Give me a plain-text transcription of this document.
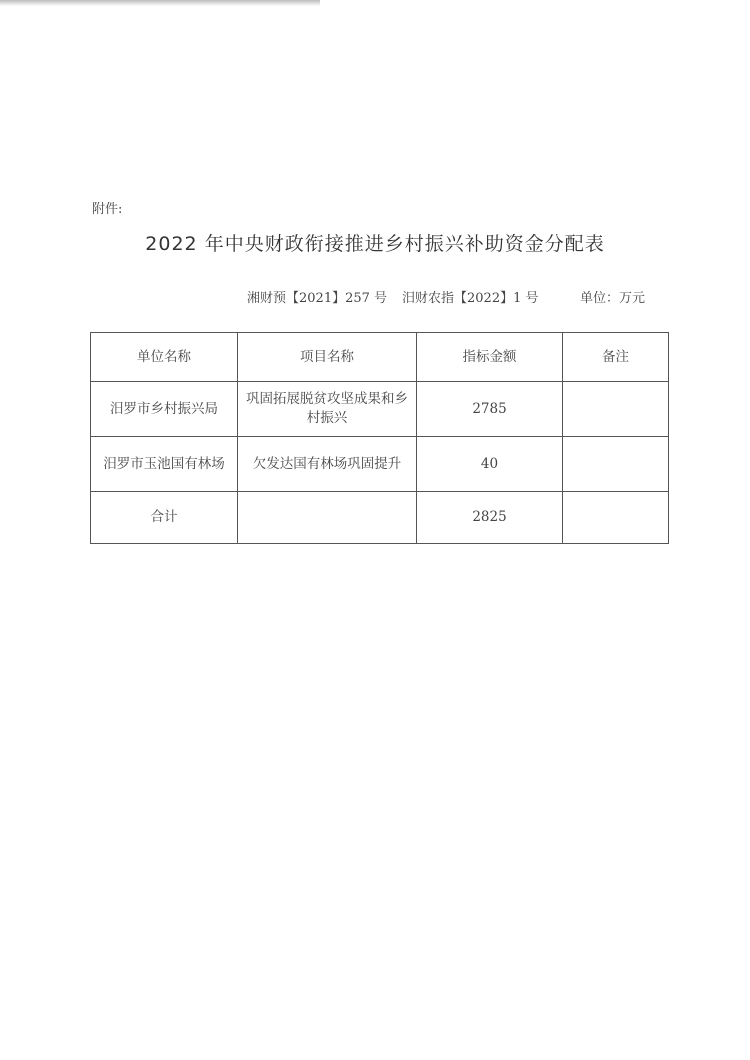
附件:
2022 年中央财政衔接推进乡村振兴补助资金分配表
湘财预【2021】257 号 汨财农指【2022】1 号	单位：万元
单位名称	项目名称	指标金额	备注
汨罗市乡村振兴局	巩固拓展脱贫攻坚成果和乡村振兴	2785	
汨罗市玉池国有林场	欠发达国有林场巩固提升	40	
合计		2825	
